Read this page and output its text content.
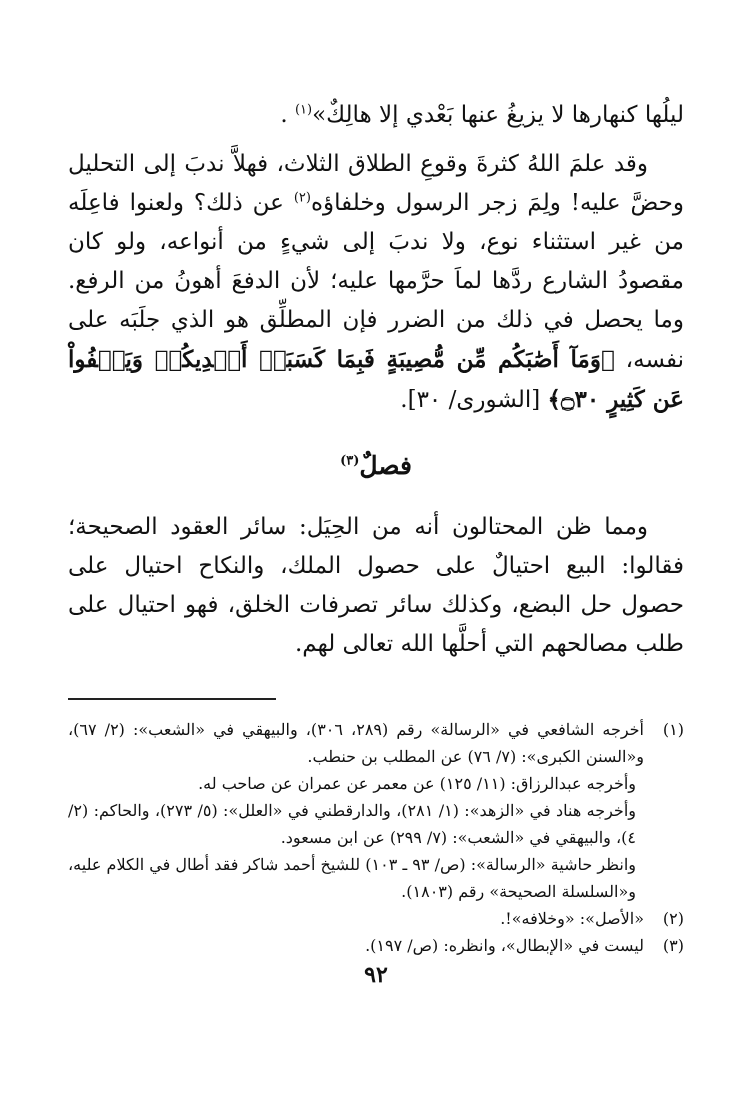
ليلُها كنهارها لا يزيغُ عنها بَعْدي إلا هالِكٌ»$^{(١)}$ .

وقد علمَ اللهُ كثرةَ وقوعِ الطلاق الثلاث، فهلاَّ ندبَ إلى التحليل وحضَّ عليه! ولِمَ زجر الرسول وخلفاؤه$^{(٢)}$ عن ذلك؟ ولعنوا فاعِلَه من غير استثناء نوع، ولا ندبَ إلى شيءٍ من أنواعه، ولو كان مقصودُ الشارع ردَّها لماَ حرَّمها عليه؛ لأن الدفعَ أهونُ من الرفع. وما يحصل في ذلك من الضرر فإن المطلِّق هو الذي جلَبَه على نفسه، ﴿وَمَآ أَصَٰبَكُم مِّن مُّصِيبَةٍ فَبِمَا كَسَبَتۡ أَيۡدِيكُمۡ وَيَعۡفُواْ عَن كَثِيرٍ ۝٣٠﴾ [الشورى/ ٣٠].

فصلٌ$^{(٣)}$

ومما ظن المحتالون أنه من الحِيَل: سائر العقود الصحيحة؛ فقالوا: البيع احتيالٌ على حصول الملك، والنكاح احتيال على حصول حل البضع، وكذلك سائر تصرفات الخلق، فهو احتيال على طلب مصالحهم التي أحلَّها الله تعالى لهم.

(١)

أخرجه الشافعي في «الرسالة» رقم (٢٨٩، ٣٠٦)، والبيهقي في «الشعب»: (٢/ ٦٧)، و«السنن الكبرى»: (٧/ ٧٦) عن المطلب بن حنطب.

وأخرجه عبدالرزاق: (١١/ ١٢٥) عن معمر عن عمران عن صاحب له.

وأخرجه هناد في «الزهد»: (١/ ٢٨١)، والدارقطني في «العلل»: (٥/ ٢٧٣)، والحاكم: (٢/ ٤)، والبيهقي في «الشعب»: (٧/ ٢٩٩) عن ابن مسعود.

وانظر حاشية «الرسالة»: (ص/ ٩٣ ـ ١٠٣) للشيخ أحمد شاكر فقد أطال في الكلام عليه، و«السلسلة الصحيحة» رقم (١٨٠٣).

(٢)

«الأصل»: «وخلافه»!.

(٣)

ليست في «الإبطال»، وانظره: (ص/ ١٩٧).

٩٢
